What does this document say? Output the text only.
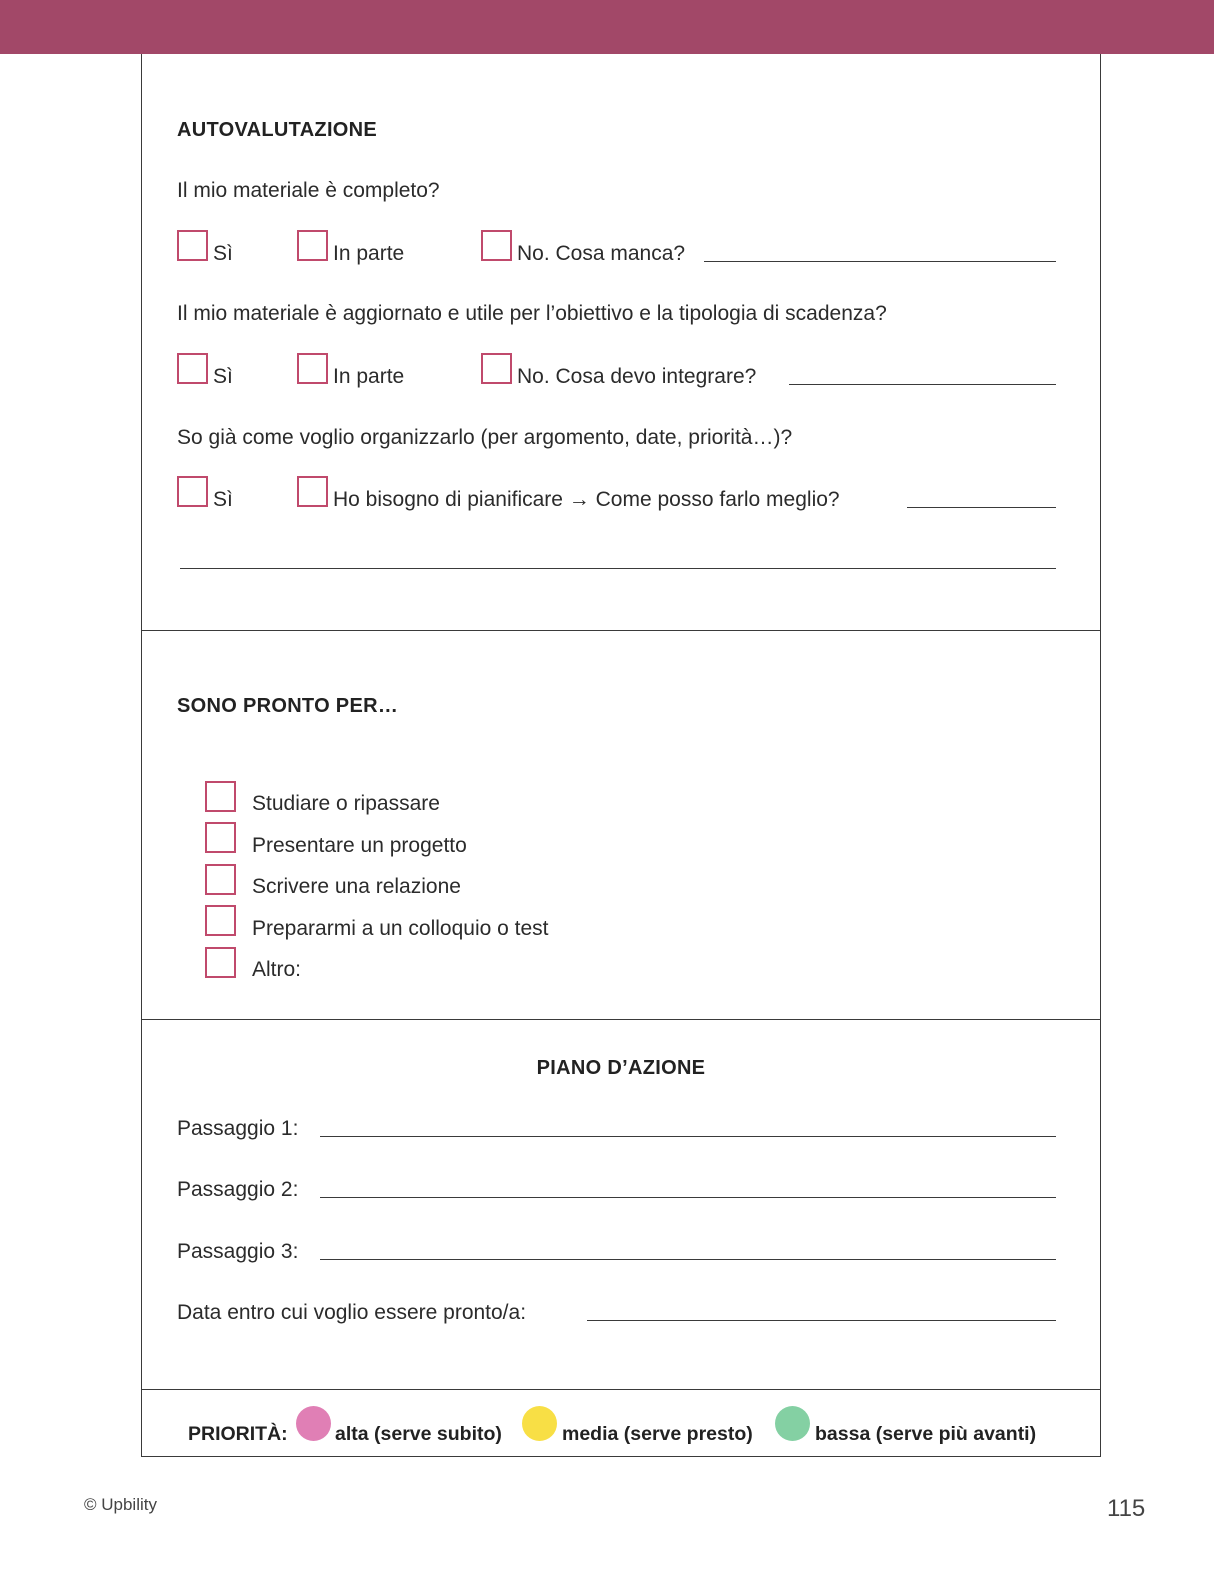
AUTOVALUTAZIONE
Il mio materiale è completo?
Sì	In parte	No. Cosa manca?
Il mio materiale è aggiornato e utile per l’obiettivo e la tipologia di scadenza?
Sì	In parte	No. Cosa devo integrare?
So già come voglio organizzarlo (per argomento, date, priorità…)?
Sì	Ho bisogno di pianificare → Come posso farlo meglio?
SONO PRONTO PER…
Studiare o ripassare
Presentare un progetto
Scrivere una relazione
Prepararmi a un colloquio o test
Altro:
PIANO D’AZIONE
Passaggio 1:
Passaggio 2:
Passaggio 3:
Data entro cui voglio essere pronto/a:
PRIORITÀ: alta (serve subito)	media (serve presto)	bassa (serve più avanti)
© Upbility	115
